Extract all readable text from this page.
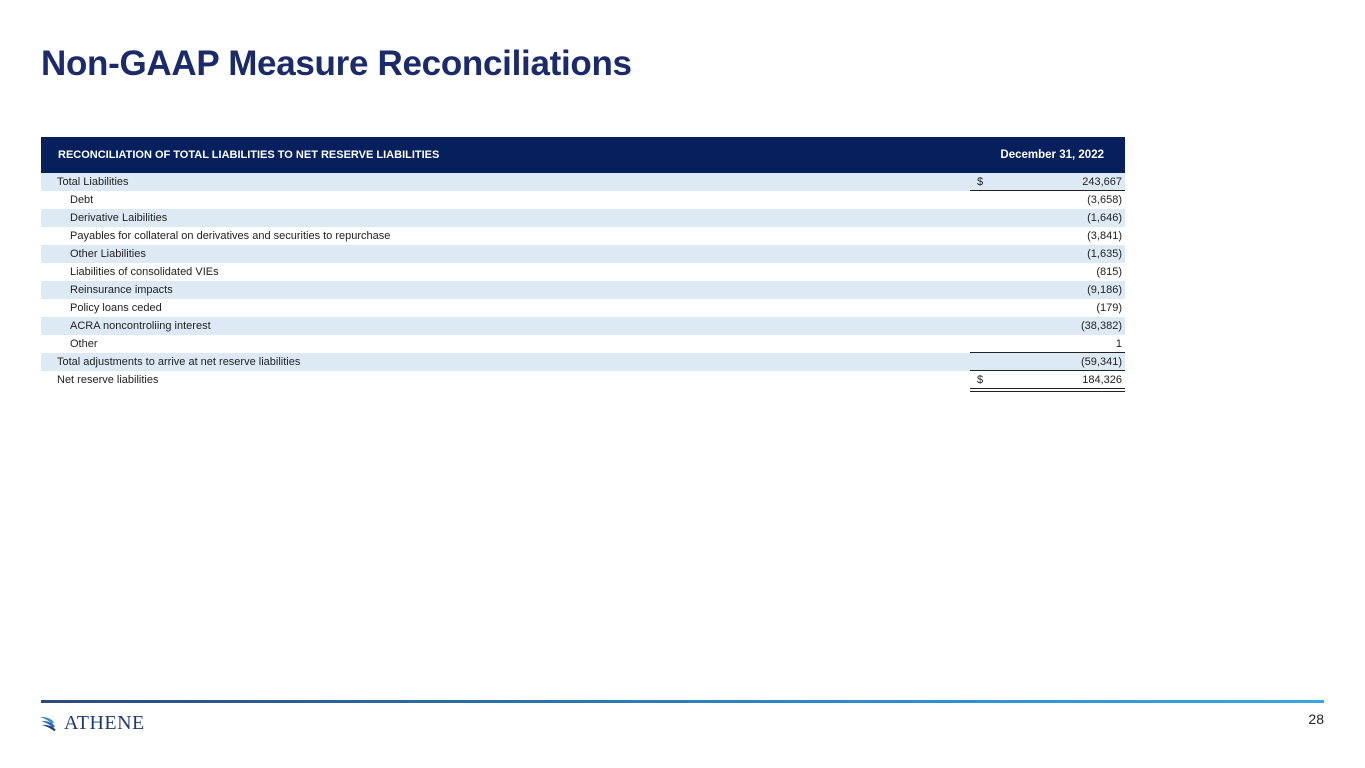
Non-GAAP Measure Reconciliations
RECONCILIATION OF TOTAL LIABILITIES TO NET RESERVE LIABILITIES	December 31, 2022
Total Liabilities	$	243,667
Debt	(3,658)
Derivative Laibilities	(1,646)
Payables for collateral on derivatives and securities to repurchase	(3,841)
Other Liabilities	(1,635)
Liabilities of consolidated VIEs	(815)
Reinsurance impacts	(9,186)
Policy loans ceded	(179)
ACRA noncontroliing interest	(38,382)
Other	1
Total adjustments to arrive at net reserve liabilities	(59,341)
Net reserve liabilities	$	184,326
ATHENE	28
